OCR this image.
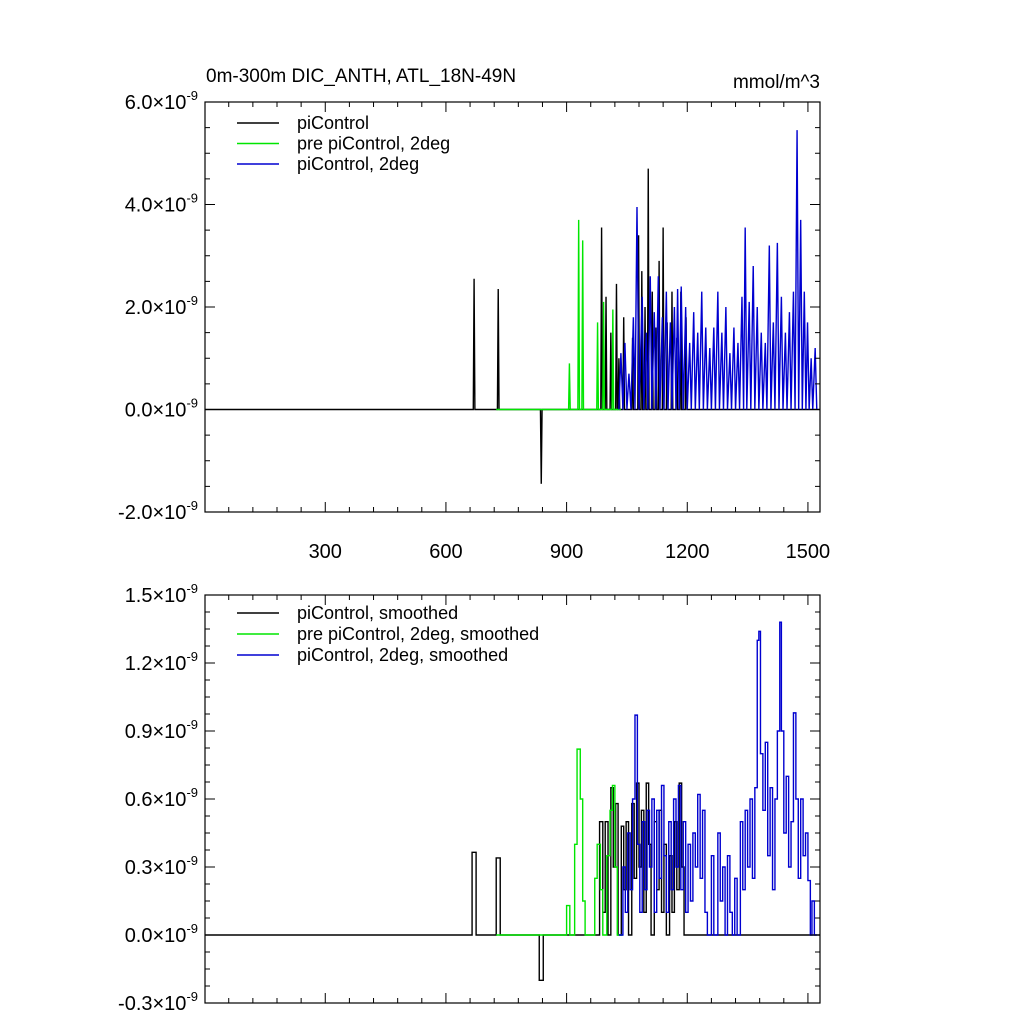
300	600	900	1200	1500
$-2.0\times 10^{-9}$
$0.0\times 10^{-9}$
$2.0\times 10^{-9}$
$4.0\times 10^{-9}$
$6.0\times 10^{-9}$
0m-300m DIC_ANTH, ATL_18N-49N	mmol/m^3
piControl
pre piControl, 2deg
piControl, 2deg
$-0.3\times 10^{-9}$
$0.0\times 10^{-9}$
$0.3\times 10^{-9}$
$0.6\times 10^{-9}$
$0.9\times 10^{-9}$
$1.2\times 10^{-9}$
$1.5\times 10^{-9}$
piControl, smoothed
pre piControl, 2deg, smoothed
piControl, 2deg, smoothed
